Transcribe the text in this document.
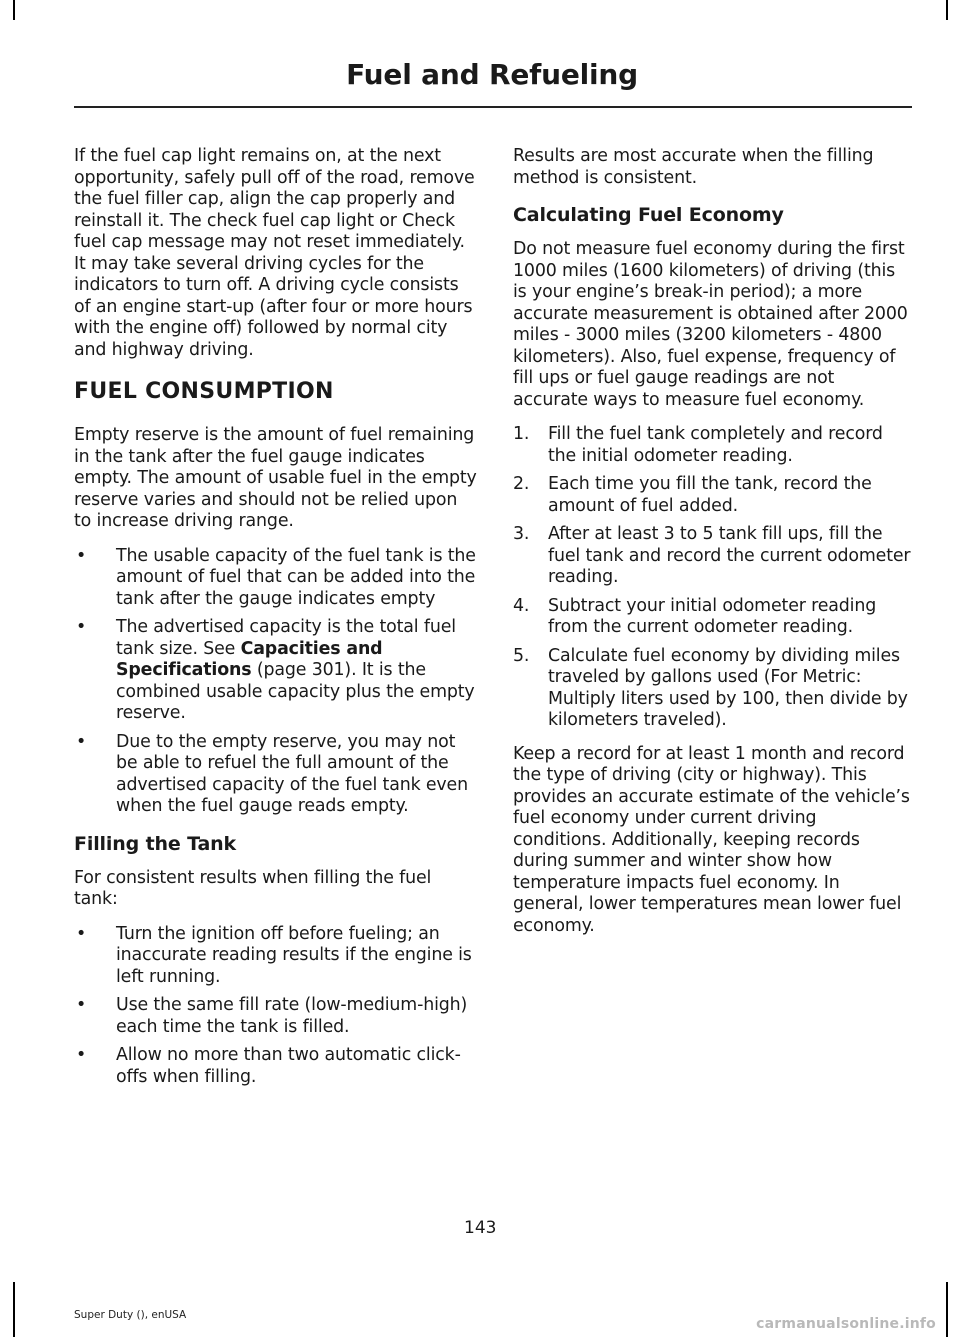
Fuel and Refueling

If the fuel cap light remains on, at the next opportunity, safely pull off of the road, remove the fuel filler cap, align the cap properly and reinstall it. The check fuel cap light or Check fuel cap message may not reset immediately. It may take several driving cycles for the indicators to turn off. A driving cycle consists of an engine start-up (after four or more hours with the engine off) followed by normal city and highway driving.

FUEL CONSUMPTION

Empty reserve is the amount of fuel remaining in the tank after the fuel gauge indicates empty. The amount of usable fuel in the empty reserve varies and should not be relied upon to increase driving range.

• The usable capacity of the fuel tank is the amount of fuel that can be added into the tank after the gauge indicates empty
• The advertised capacity is the total fuel tank size. See Capacities and Specifications (page 301). It is the combined usable capacity plus the empty reserve.
• Due to the empty reserve, you may not be able to refuel the full amount of the advertised capacity of the fuel tank even when the fuel gauge reads empty.
Filling the Tank

For consistent results when filling the fuel tank:

• Turn the ignition off before fueling; an inaccurate reading results if the engine is left running.
• Use the same fill rate (low-medium-high) each time the tank is filled.
• Allow no more than two automatic click-offs when filling.

Results are most accurate when the filling method is consistent.

Calculating Fuel Economy

Do not measure fuel economy during the first 1000 miles (1600 kilometers) of driving (this is your engine’s break-in period); a more accurate measurement is obtained after 2000 miles - 3000 miles (3200 kilometers - 4800 kilometers). Also, fuel expense, frequency of fill ups or fuel gauge readings are not accurate ways to measure fuel economy.

1. Fill the fuel tank completely and record the initial odometer reading.
2. Each time you fill the tank, record the amount of fuel added.
3. After at least 3 to 5 tank fill ups, fill the fuel tank and record the current odometer reading.
4. Subtract your initial odometer reading from the current odometer reading.
5. Calculate fuel economy by dividing miles traveled by gallons used (For Metric: Multiply liters used by 100, then divide by kilometers traveled).

Keep a record for at least 1 month and record the type of driving (city or highway). This provides an accurate estimate of the vehicle’s fuel economy under current driving conditions. Additionally, keeping records during summer and winter show how temperature impacts fuel economy. In general, lower temperatures mean lower fuel economy.

143
Super Duty (), enUSA
carmanualsonline.info
